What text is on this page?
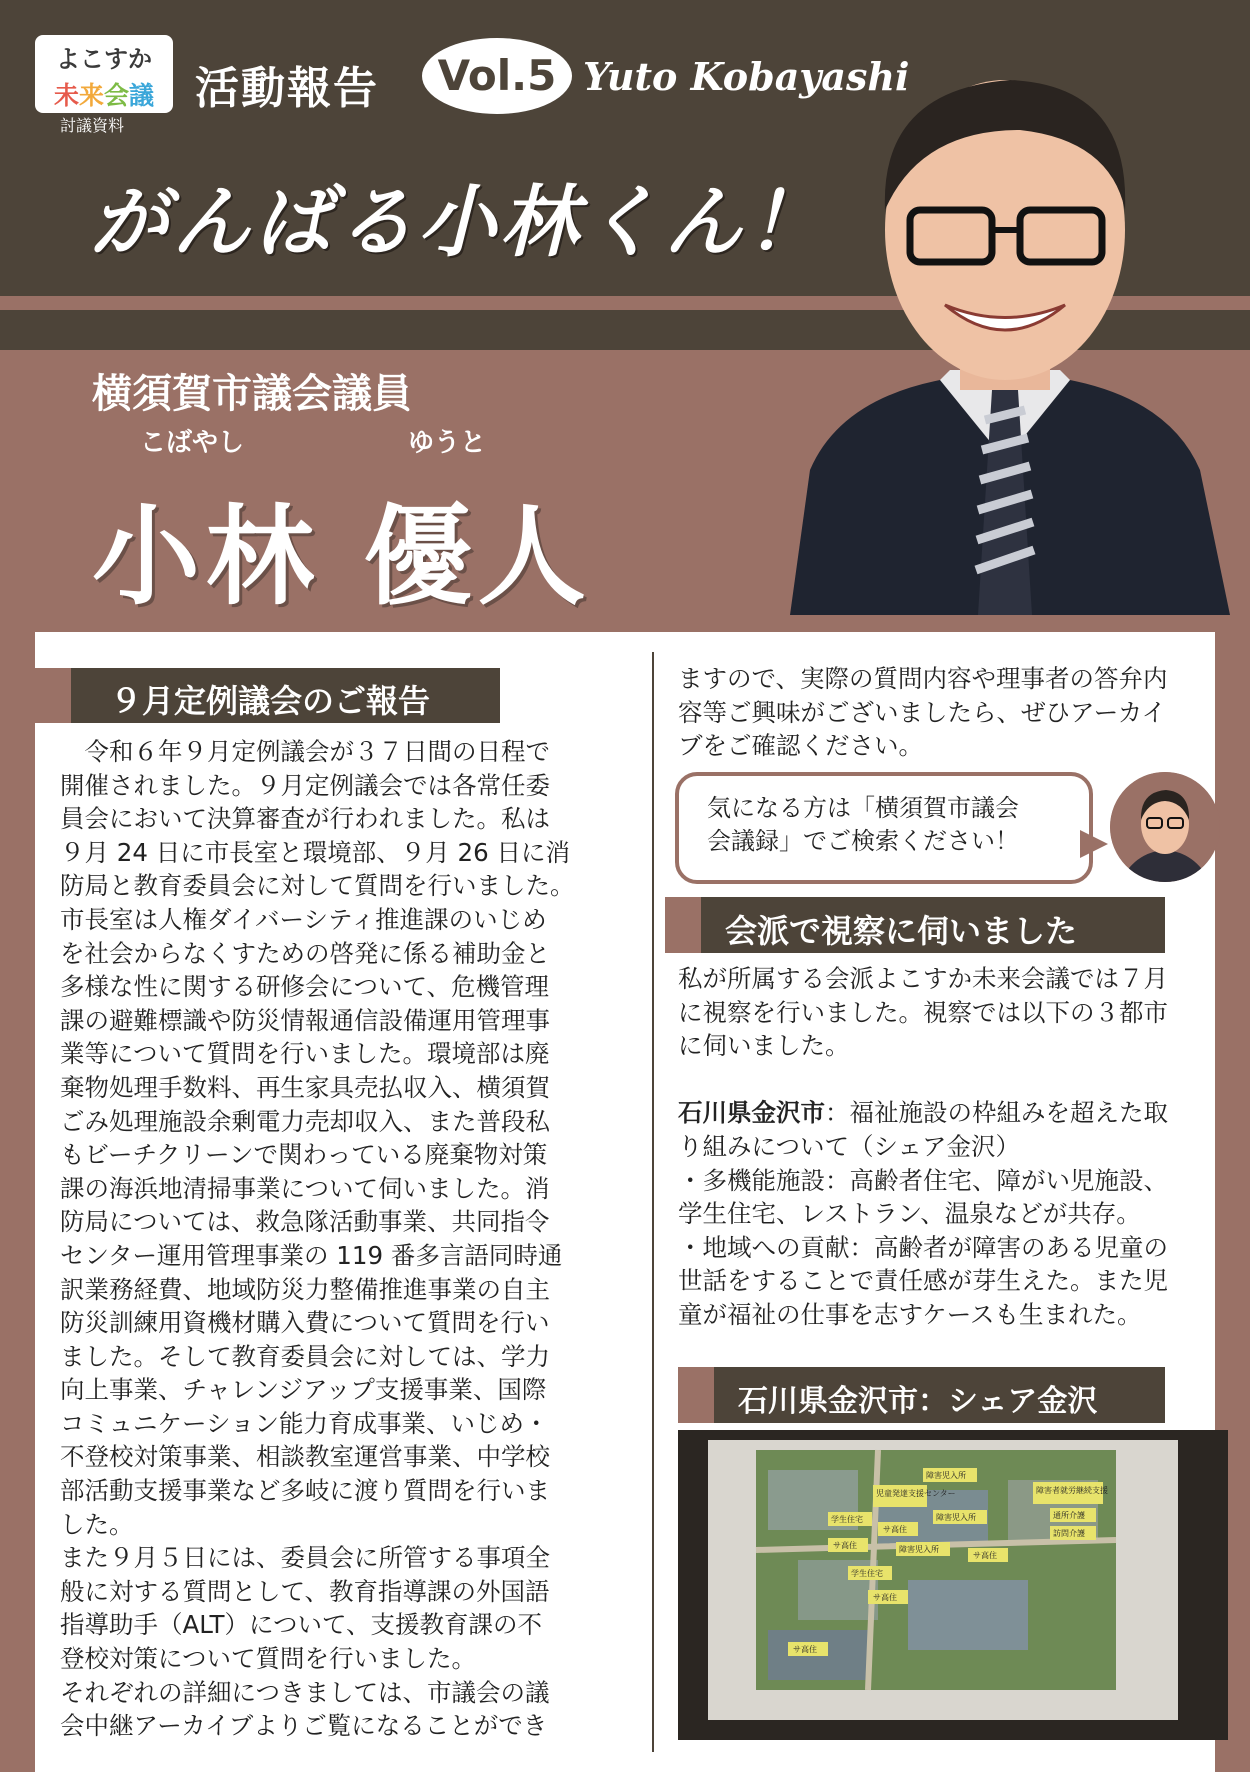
よこすか
未来会議
討議資料
活動報告	Vol.5 Yuto Kobayashi
がんばる小林くん！
横須賀市議会議員
こばやし	ゆうと
小林 優人
９月定例議会のご報告
　令和６年９月定例議会が３７日間の日程で
開催されました。９月定例議会では各常任委
員会において決算審査が行われました。私は
９月 24 日に市長室と環境部、９月 26 日に消
防局と教育委員会に対して質問を行いました。
市長室は人権ダイバーシティ推進課のいじめ
を社会からなくすための啓発に係る補助金と
多様な性に関する研修会について、危機管理
課の避難標識や防災情報通信設備運用管理事
業等について質問を行いました。環境部は廃
棄物処理手数料、再生家具売払収入、横須賀
ごみ処理施設余剰電力売却収入、また普段私
もビーチクリーンで関わっている廃棄物対策
課の海浜地清掃事業について伺いました。消
防局については、救急隊活動事業、共同指令
センター運用管理事業の 119 番多言語同時通
訳業務経費、地域防災力整備推進事業の自主
防災訓練用資機材購入費について質問を行い
ました。そして教育委員会に対しては、学力
向上事業、チャレンジアップ支援事業、国際
コミュニケーション能力育成事業、いじめ・
不登校対策事業、相談教室運営事業、中学校
部活動支援事業など多岐に渡り質問を行いま
した。
また９月５日には、委員会に所管する事項全
般に対する質問として、教育指導課の外国語
指導助手（ALT）について、支援教育課の不
登校対策について質問を行いました。
それぞれの詳細につきましては、市議会の議
会中継アーカイブよりご覧になることができ
ますので、実際の質問内容や理事者の答弁内
容等ご興味がございましたら、ぜひアーカイ
ブをご確認ください。
気になる方は「横須賀市議会
会議録」でご検索ください！
会派で視察に伺いました
私が所属する会派よこすか未来会議では７月
に視察を行いました。視察では以下の３都市
に伺いました。

石川県金沢市：福祉施設の枠組みを超えた取
り組みについて（シェア金沢）
・多機能施設：高齢者住宅、障がい児施設、
学生住宅、レストラン、温泉などが共存。
・地域への貢献：高齢者が障害のある児童の
世話をすることで責任感が芽生えた。また児
童が福祉の仕事を志すケースも生まれた。
石川県金沢市：シェア金沢
障害児入所
児童発達支援センター	障害者就労継続支援
学生住宅
サ高住
障害児入所	通所介護
訪問介護
サ高住	障害児入所
サ高住
学生住宅
サ高住
サ高住
